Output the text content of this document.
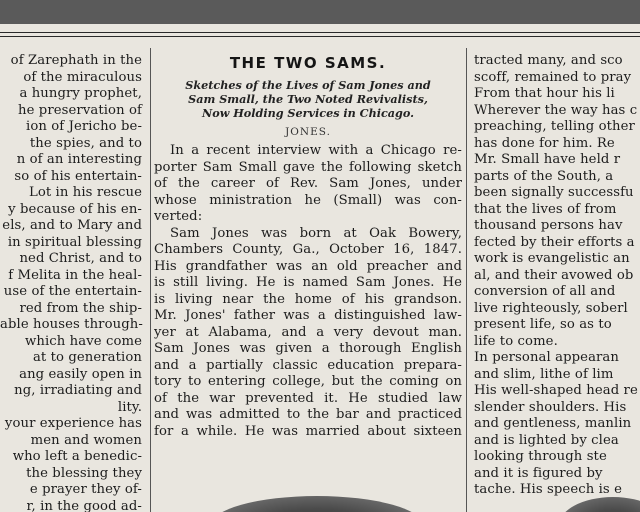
of Zarephath in the
of the miraculous
a hungry prophet,
he preservation of
ion of Jericho be-
the spies, and to
n of an interesting
so of his entertain-
Lot in his rescue
y because of his en-
els, and to Mary and
in spiritual blessing
ned Christ, and to
f Melita in the heal-
use of the entertain-
red from the ship-
able houses through-
which have come
at to generation
ang easily open in
ng, irradiating and
lity.
your experience has
men and women
who left a benedic-
the blessing they
e prayer they of-
r, in the good ad-
THE TWO SAMS.
Sketches of the Lives of Sam Jones and
Sam Small, the Two Noted Revivalists,
Now Holding Services in Chicago.
JONES.
In a recent interview with a Chicago re-
porter Sam Small gave the following sketch
of the career of Rev. Sam Jones, under
whose ministration he (Small) was con-
verted:
Sam Jones was born at Oak Bowery,
Chambers County, Ga., October 16, 1847.
His grandfather was an old preacher and
is still living. He is named Sam Jones. He
is living near the home of his grandson.
Mr. Jones' father was a distinguished law-
yer at Alabama, and a very devout man.
Sam Jones was given a thorough English
and a partially classic education prepara-
tory to entering college, but the coming on
of the war prevented it. He studied law
and was admitted to the bar and practiced
for a while. He was married about sixteen
tracted many, and sco
scoff, remained to pray
From that hour his li
Wherever the way has c
preaching, telling other
has done for him. Re
Mr. Small have held r
parts of the South, a
been signally successfu
that the lives of from
thousand persons hav
fected by their efforts a
work is evangelistic an
al, and their avowed ob
conversion of all and
live righteously, soberl
present life, so as to
life to come.
In personal appearan
and slim, lithe of lim
His well-shaped head re
slender shoulders. His
and gentleness, manlin
and is lighted by clea
looking through ste
and it is figured by
tache. His speech is e
